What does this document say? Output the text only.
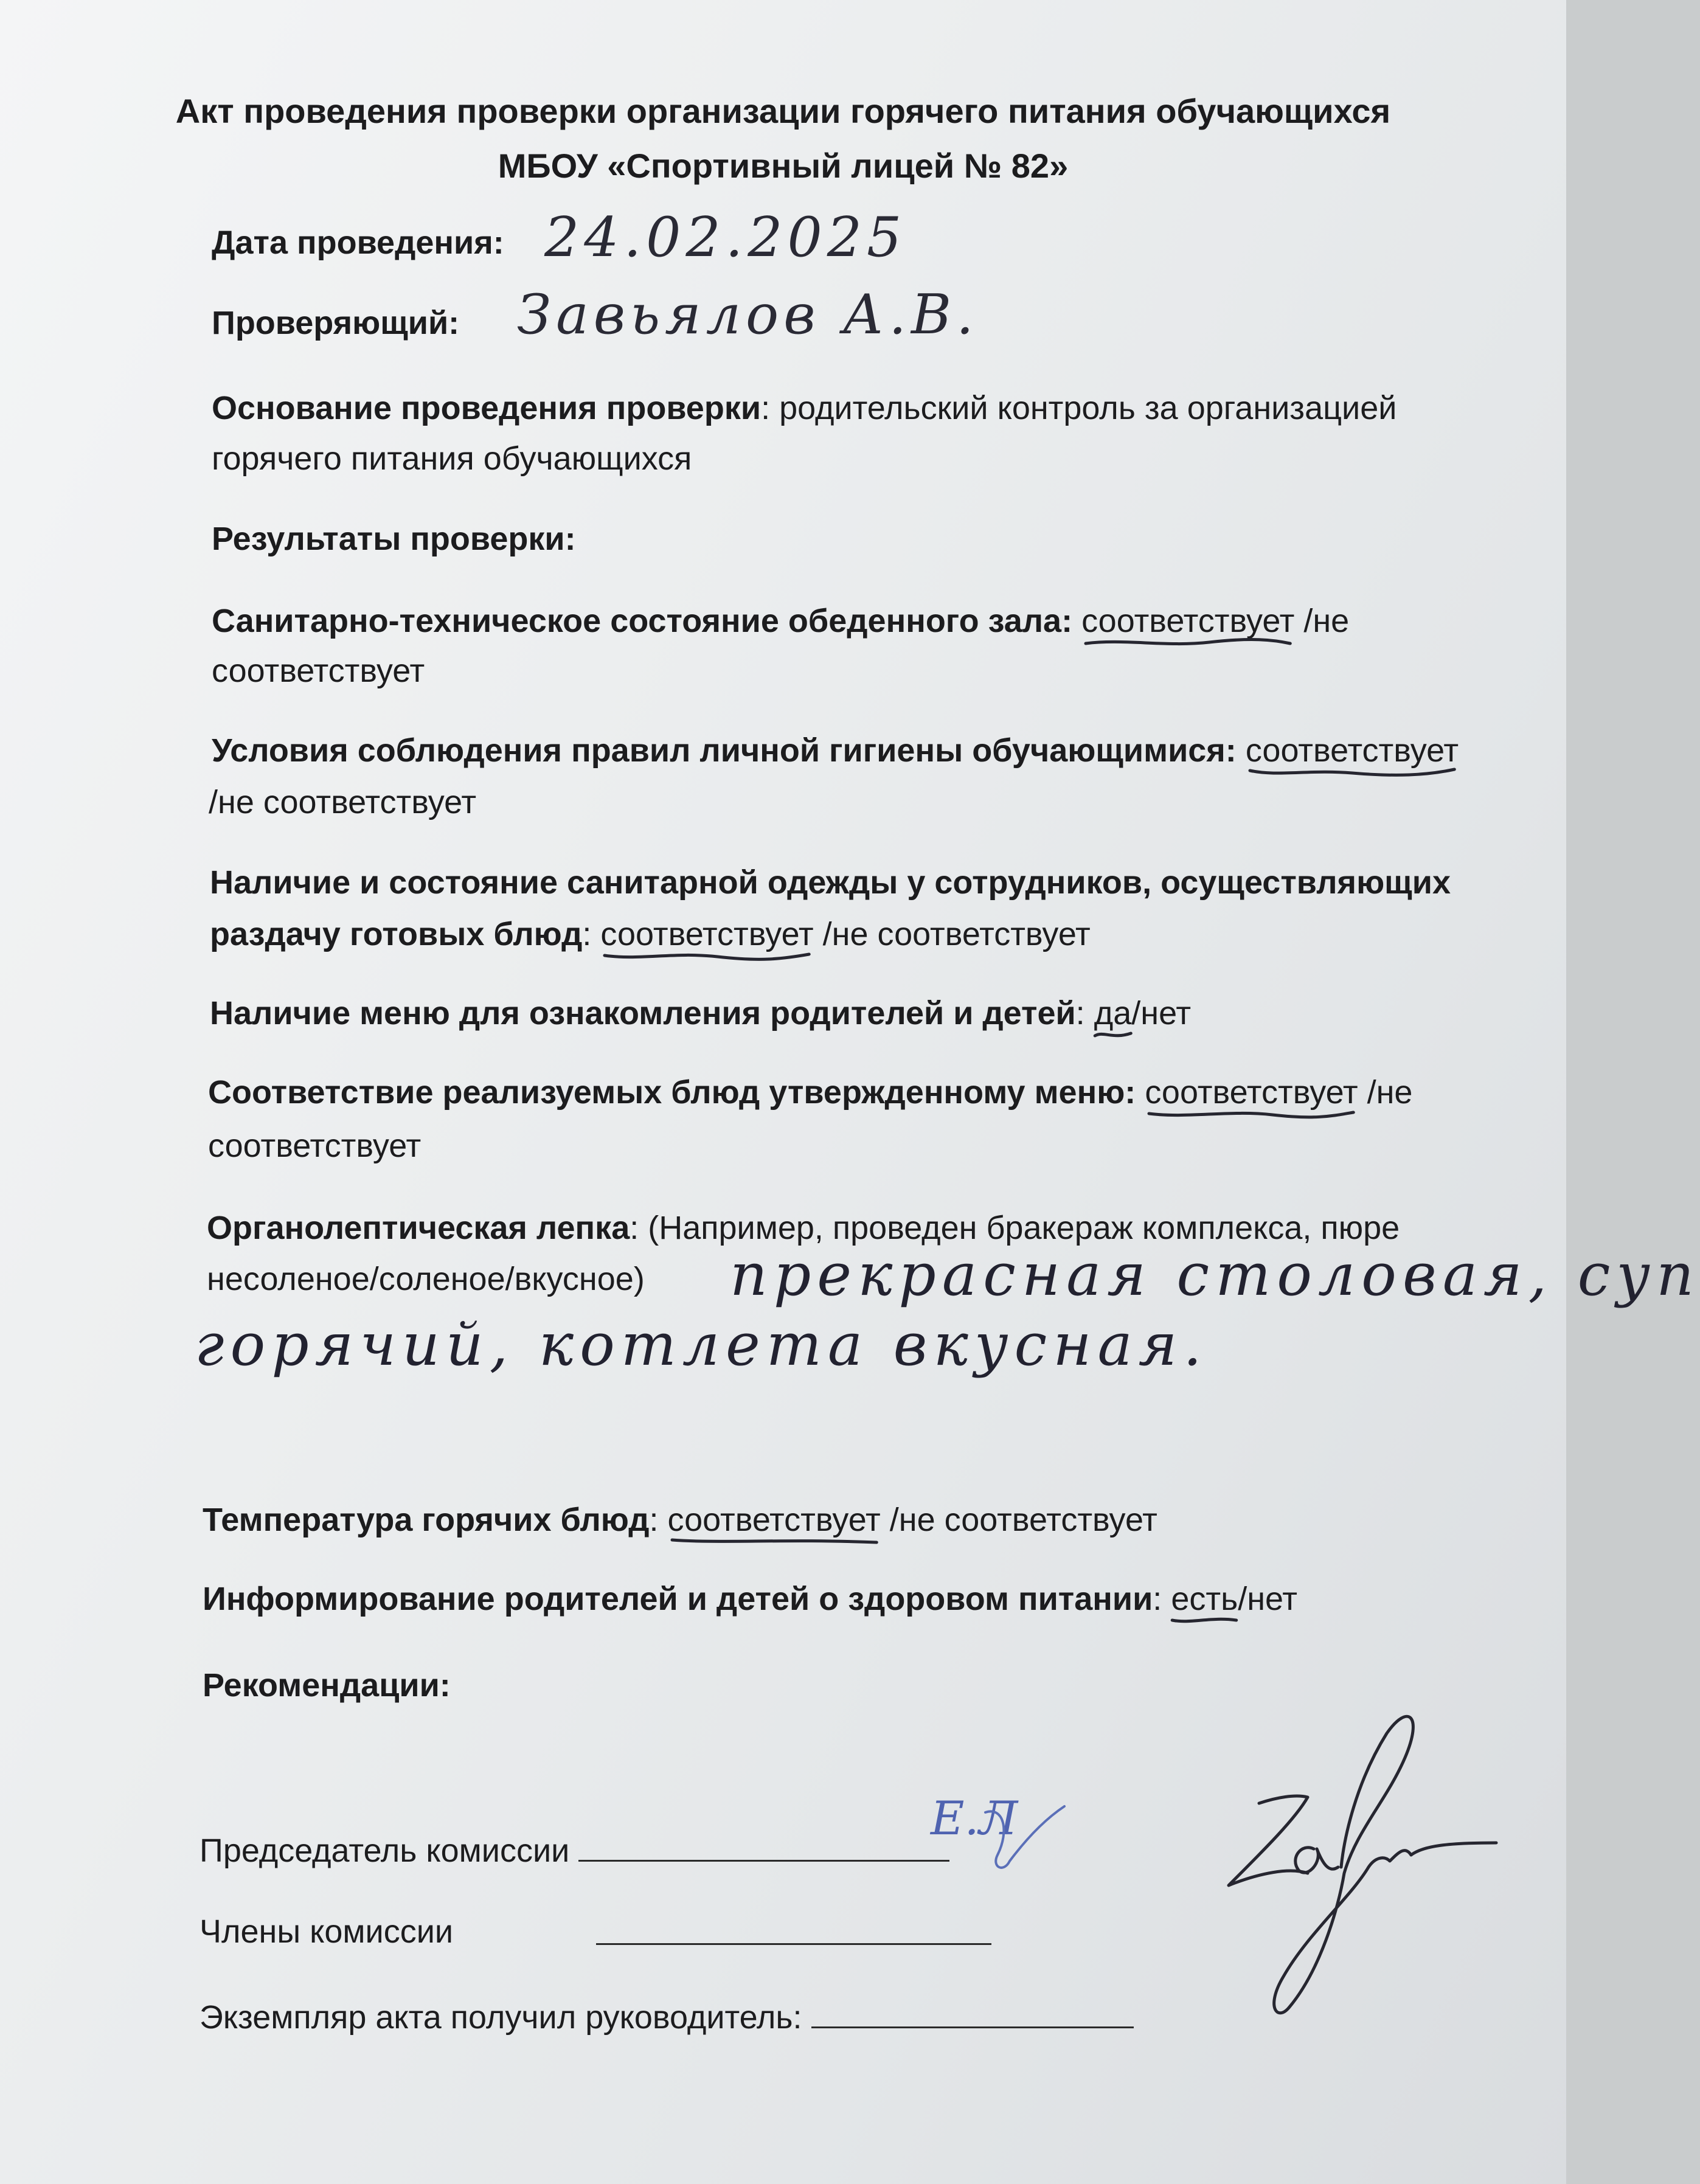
Акт проведения проверки организации горячего питания обучающихся
МБОУ «Спортивный лицей № 82»
Дата проведения: 24.02.2025
Проверяющий: Завьялов А.В.
Основание проведения проверки: родительский контроль за организацией
горячего питания обучающихся
Результаты проверки:
Санитарно-техническое состояние обеденного зала: соответствует /не
соответствует
Условия соблюдения правил личной гигиены обучающимися: соответствует
/не соответствует
Наличие и состояние санитарной одежды у сотрудников, осуществляющих
раздачу готовых блюд: соответствует /не соответствует
Наличие меню для ознакомления родителей и детей: да
/нет
Соответствие реализуемых блюд утвержденному меню: соответствует /не
соответствует
Органолептическая лепка: (Например, проведен бракераж комплекса, пюре
несоленое/соленое/вкусное) прекрасная столовая, суп
горячий, котлета вкусная.
Температура горячих блюд: соответствует /не соответствует
Информирование родителей и детей о здоровом питании: есть
/нет
Рекомендации:
Председатель комиссии
Е.Л
Члены комиссии
Экземпляр акта получил руководитель:
